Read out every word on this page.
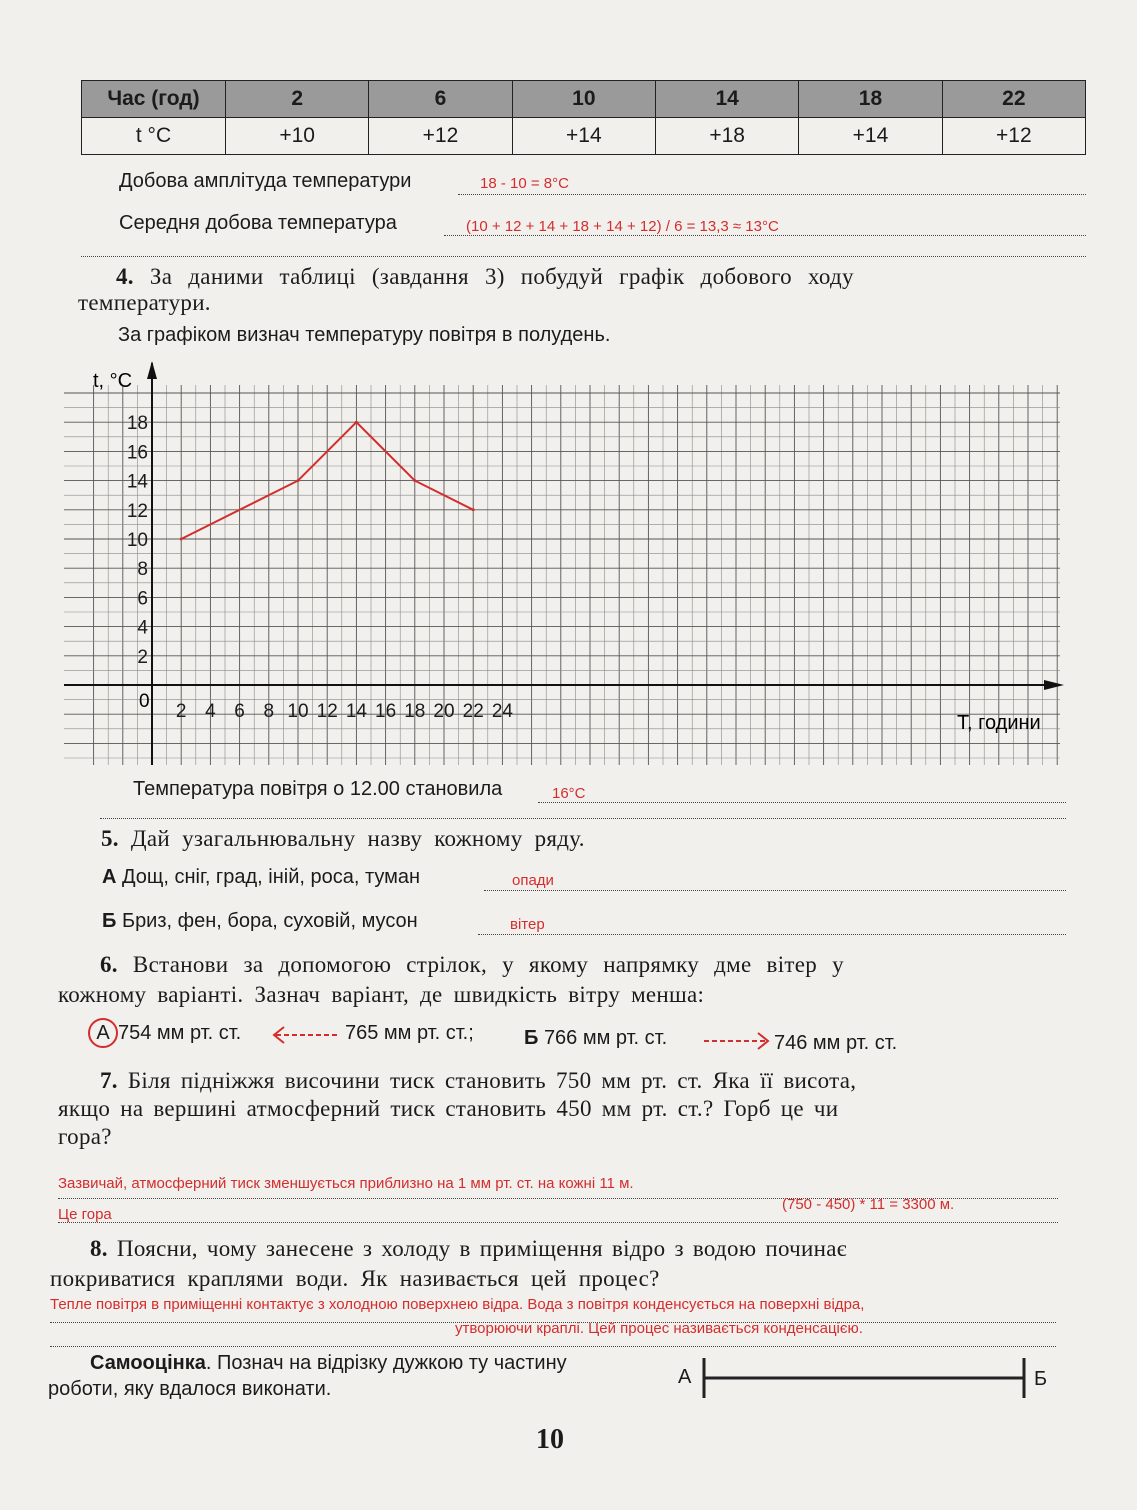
Час (год)	2	6	10	14	18	22
t °C	+10	+12	+14	+18	+14	+12
Добова амплітуда температури	18 - 10 = 8°C
Середня добова температура	(10 + 12 + 14 + 18 + 14 + 12) / 6 = 13,3 ≈ 13°C
4. За даними таблиці (завдання 3) побудуй графік добового ходу
температури.
За графіком визнач температуру повітря в полудень.
2
4
6
8
10
12
14
16
18
2 4 6 8 10 12 14 16 18 20 22 24
t, °C
T, години
0
Температура повітря о 12.00 становила	16°C
5. Дай узагальнювальну назву кожному ряду.
А Дощ, сніг, град, іній, роса, туман	опади
Б Бриз, фен, бора, суховій, мусон	вітер
6. Встанови за допомогою стрілок, у якому напрямку дме вітер у
кожному варіанті. Зазнач варіант, де швидкість вітру менша:
А 754 мм рт. ст.	765 мм рт. ст.;	Б 766 мм рт. ст.	746 мм рт. ст.
7. Біля підніжжя височини тиск становить 750 мм рт. ст. Яка її висота,
якщо на вершині атмосферний тиск становить 450 мм рт. ст.? Горб це чи
гора?
Зазвичай, атмосферний тиск зменшується приблизно на 1 мм рт. ст. на кожні 11 м.
(750 - 450) * 11 = 3300 м.
Це гора
8. Поясни, чому занесене з холоду в приміщення відро з водою починає
покриватися краплями води. Як називається цей процес?
Тепле повітря в приміщенні контактує з холодною поверхнею відра. Вода з повітря конденсується на поверхні відра,
утворюючи краплі. Цей процес називається конденсацією.
Самооцінка. Познач на відрізку дужкою ту частину
роботи, яку вдалося виконати.
А	Б
10
